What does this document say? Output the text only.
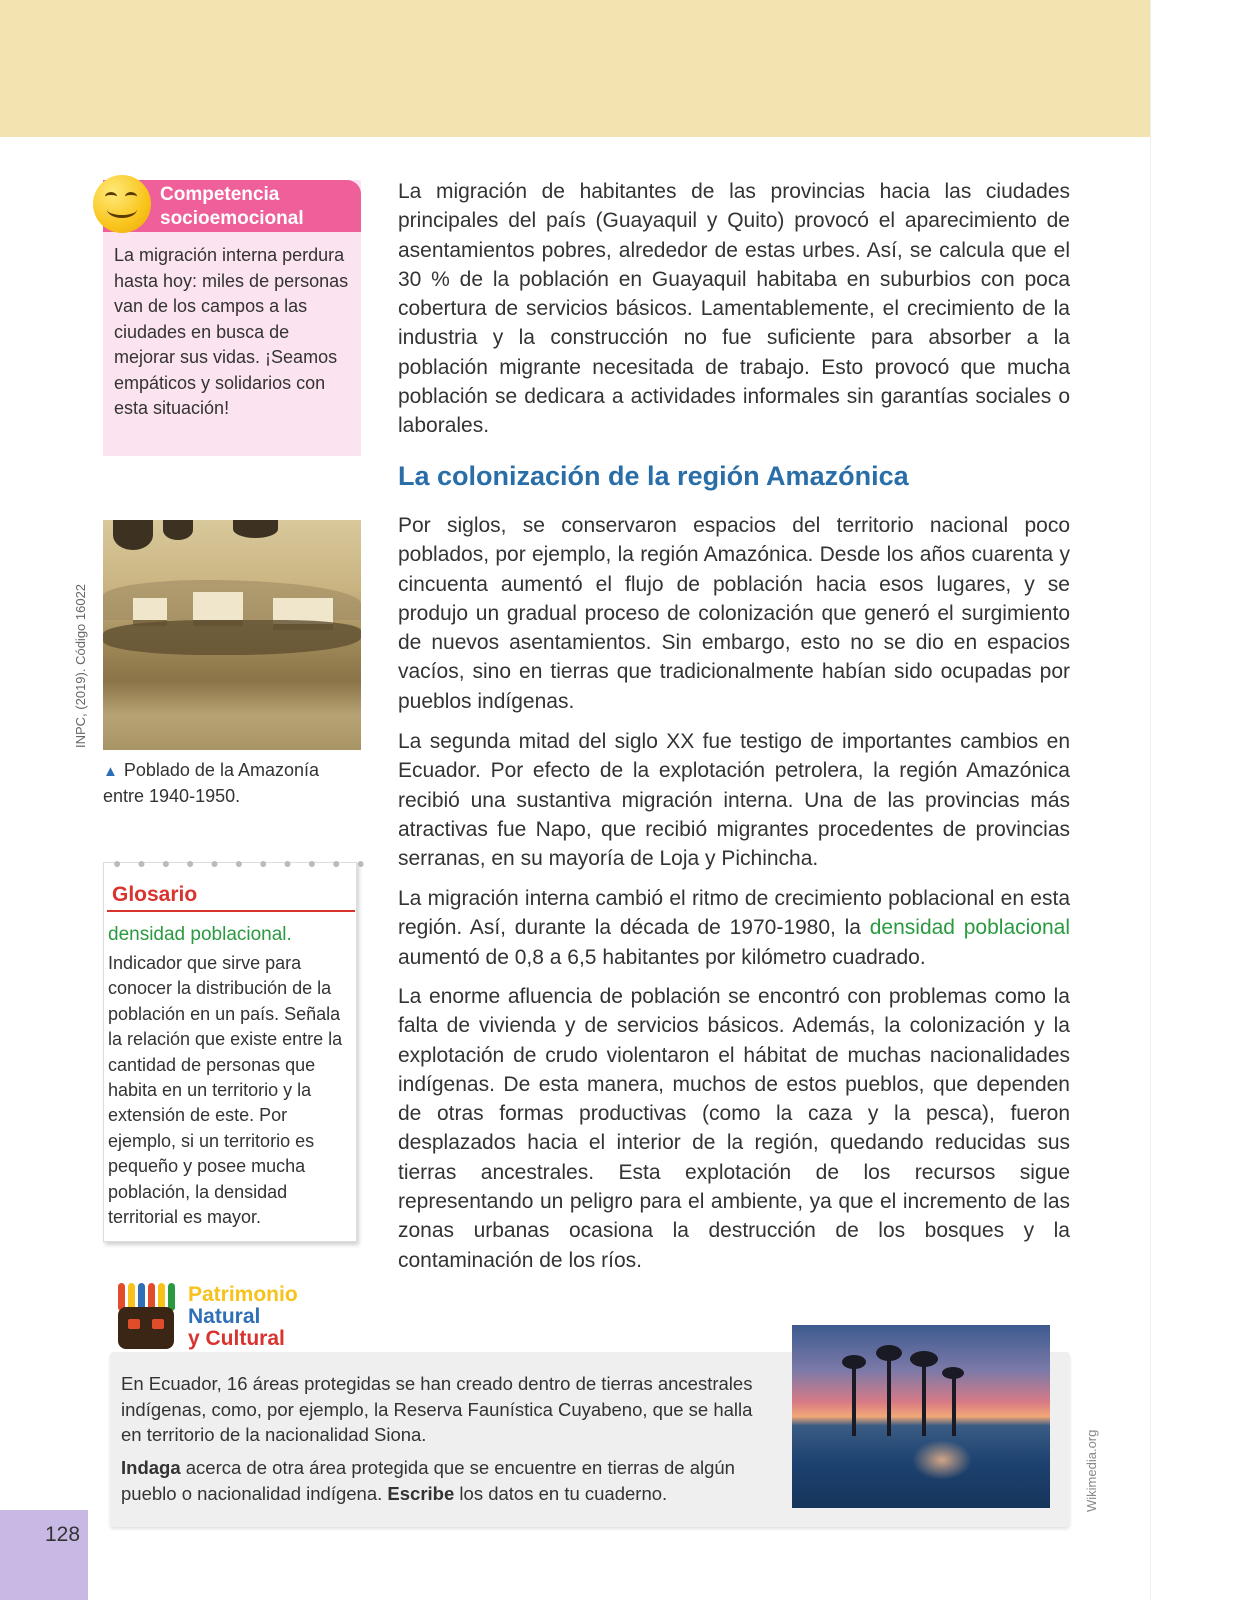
Competencia
socioemocional
La migración interna perdura hasta hoy: miles de personas van de los campos a las ciudades en busca de mejorar sus vidas. ¡Seamos empáticos y solidarios con esta situación!
INPC, (2019). Código 16022
▲ Poblado de la Amazonía entre 1940-1950.
● ● ● ● ● ● ● ● ● ● ●
Glosario
densidad poblacional.
Indicador que sirve para conocer la distribución de la población en un país. Señala la relación que existe entre la cantidad de personas que habita en un territorio y la extensión de este. Por ejemplo, si un territorio es pequeño y posee mucha población, la densidad territorial es mayor.

La migración de habitantes de las provincias hacia las ciudades principales del país (Guayaquil y Quito) provocó el aparecimiento de asentamientos pobres, alrededor de estas urbes. Así, se calcula que el 30 % de la población en Guayaquil habitaba en suburbios con poca cobertura de servicios básicos. Lamentablemente, el crecimiento de la industria y la construcción no fue suficiente para absorber a la población migrante necesitada de trabajo. Esto provocó que mucha población se dedicara a actividades informales sin garantías sociales o laborales.

La colonización de la región Amazónica

Por siglos, se conservaron espacios del territorio nacional poco poblados, por ejemplo, la región Amazónica. Desde los años cuarenta y cincuenta aumentó el flujo de población hacia esos lugares, y se produjo un gradual proceso de colonización que generó el surgimiento de nuevos asentamientos. Sin embargo, esto no se dio en espacios vacíos, sino en tierras que tradicionalmente habían sido ocupadas por pueblos indígenas.

La segunda mitad del siglo XX fue testigo de importantes cambios en Ecuador. Por efecto de la explotación petrolera, la región Amazónica recibió una sustantiva migración interna. Una de las provincias más atractivas fue Napo, que recibió migrantes procedentes de provincias serranas, en su mayoría de Loja y Pichincha.

La migración interna cambió el ritmo de crecimiento poblacional en esta región. Así, durante la década de 1970-1980, la densidad poblacional aumentó de 0,8 a 6,5 habitantes por kilómetro cuadrado.

La enorme afluencia de población se encontró con problemas como la falta de vivienda y de servicios básicos. Además, la colonización y la explotación de crudo violentaron el hábitat de muchas nacionalidades indígenas. De esta manera, muchos de estos pueblos, que dependen de otras formas productivas (como la caza y la pesca), fueron desplazados hacia el interior de la región, quedando reducidas sus tierras ancestrales. Esta explotación de los recursos sigue representando un peligro para el ambiente, ya que el incremento de las zonas urbanas ocasiona la destrucción de los bosques y la contaminación de los ríos.

Patrimonio
Natural
y Cultural

En Ecuador, 16 áreas protegidas se han creado dentro de tierras ancestrales indígenas, como, por ejemplo, la Reserva Faunística Cuyabeno, que se halla en territorio de la nacionalidad Siona.

Indaga acerca de otra área protegida que se encuentre en tierras de algún pueblo o nacionalidad indígena. Escribe los datos en tu cuaderno.	Wikimedia.org
128
